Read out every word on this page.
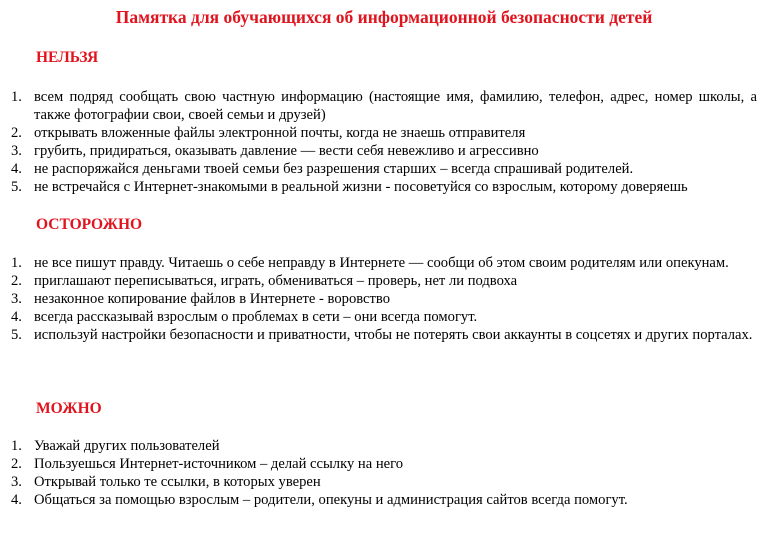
Памятка для обучающихся об информационной безопасности детей
НЕЛЬЗЯ
1. всем подряд сообщать свою частную информацию (настоящие имя, фамилию, телефон, адрес, номер школы, а также фотографии свои, своей семьи и друзей)
2. открывать вложенные файлы электронной почты, когда не знаешь отправителя
3. грубить, придираться, оказывать давление — вести себя невежливо и агрессивно
4. не распоряжайся деньгами твоей семьи без разрешения старших – всегда спрашивай родителей.
5. не встречайся с Интернет-знакомыми в реальной жизни - посоветуйся со взрослым, которому доверяешь
ОСТОРОЖНО
1. не все пишут правду. Читаешь о себе неправду в Интернете — сообщи об этом своим родителям или опекунам.
2. приглашают переписываться, играть, обмениваться – проверь, нет ли подвоха
3. незаконное копирование файлов в Интернете - воровство
4. всегда рассказывай взрослым о проблемах в сети – они всегда помогут.
5. используй настройки безопасности и приватности, чтобы не потерять свои аккаунты в соцсетях и других порталах.
МОЖНО
1. Уважай других пользователей
2. Пользуешься Интернет-источником – делай ссылку на него
3. Открывай только те ссылки, в которых уверен
4. Общаться за помощью взрослым – родители, опекуны и администрация сайтов всегда помогут.
